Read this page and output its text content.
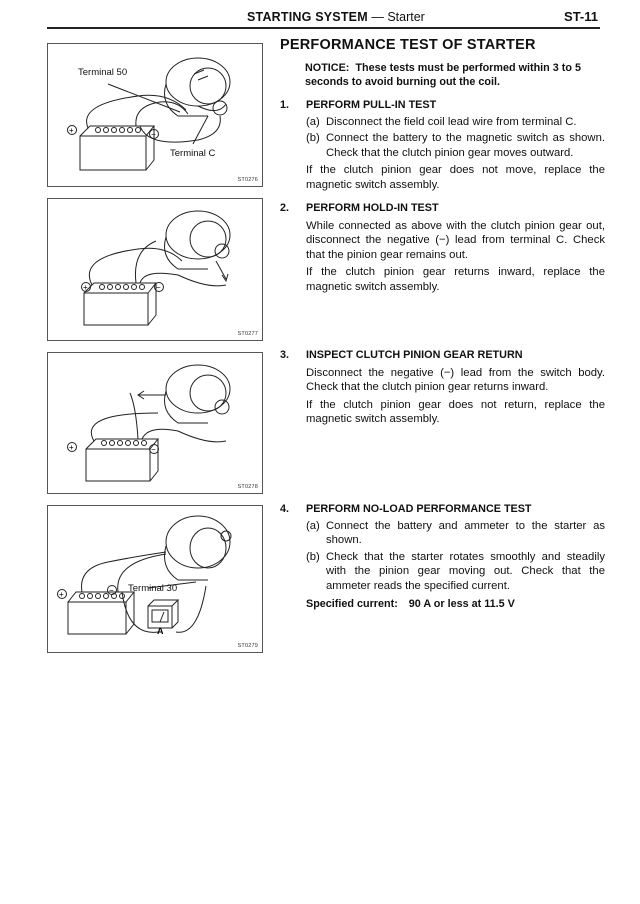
STARTING SYSTEM — Starter	ST-11
+	−
Terminal 50
Terminal C
ST0276
+	−
ST0277
+	−
ST0278
+	−
A
Terminal 30
ST0279
PERFORMANCE TEST OF STARTER
NOTICE: These tests must be performed within 3 to 5 seconds to avoid burning out the coil.
1.	PERFORM PULL-IN TEST
(a) Disconnect the field coil lead wire from terminal C.
(b) Connect the battery to the magnetic switch as shown. Check that the clutch pinion gear moves outward.
If the clutch pinion gear does not move, replace the magnetic switch assembly.
2.	PERFORM HOLD-IN TEST
While connected as above with the clutch pinion gear out, disconnect the negative (−) lead from terminal C. Check that the pinion gear remains out.
If the clutch pinion gear returns inward, replace the magnetic switch assembly.
3.	INSPECT CLUTCH PINION GEAR RETURN
Disconnect the negative (−) lead from the switch body. Check that the clutch pinion gear returns inward.
If the clutch pinion gear does not return, replace the magnetic switch assembly.
4.	PERFORM NO-LOAD PERFORMANCE TEST
(a) Connect the battery and ammeter to the starter as shown.
(b) Check that the starter rotates smoothly and steadily with the pinion gear moving out. Check that the ammeter reads the specified current.
Specified current: 90 A or less at 11.5 V
